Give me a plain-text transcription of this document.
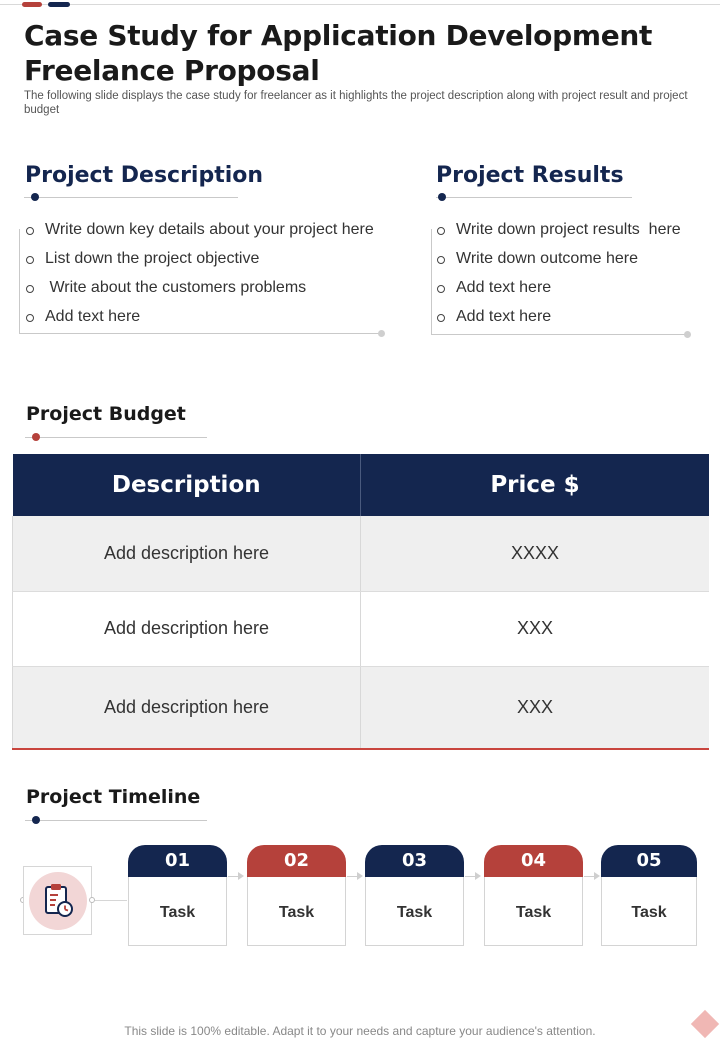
Case Study for Application Development Freelance Proposal

The following slide displays the case study for freelancer as it highlights the project description along with project result and project budget

Project Description
Write down key details about your project here
List down the project objective
Write about the customers problems
Add text here
Project Results
Write down project results  here
Write down outcome here
Add text here
Add text here
Project Budget
Description	Price $
Add description here	XXXX
Add description here	XXX
Add description here	XXX
Project Timeline
01
Task
02
Task
03
Task
04
Task
05
Task
This slide is 100% editable. Adapt it to your needs and capture your audience's attention.
